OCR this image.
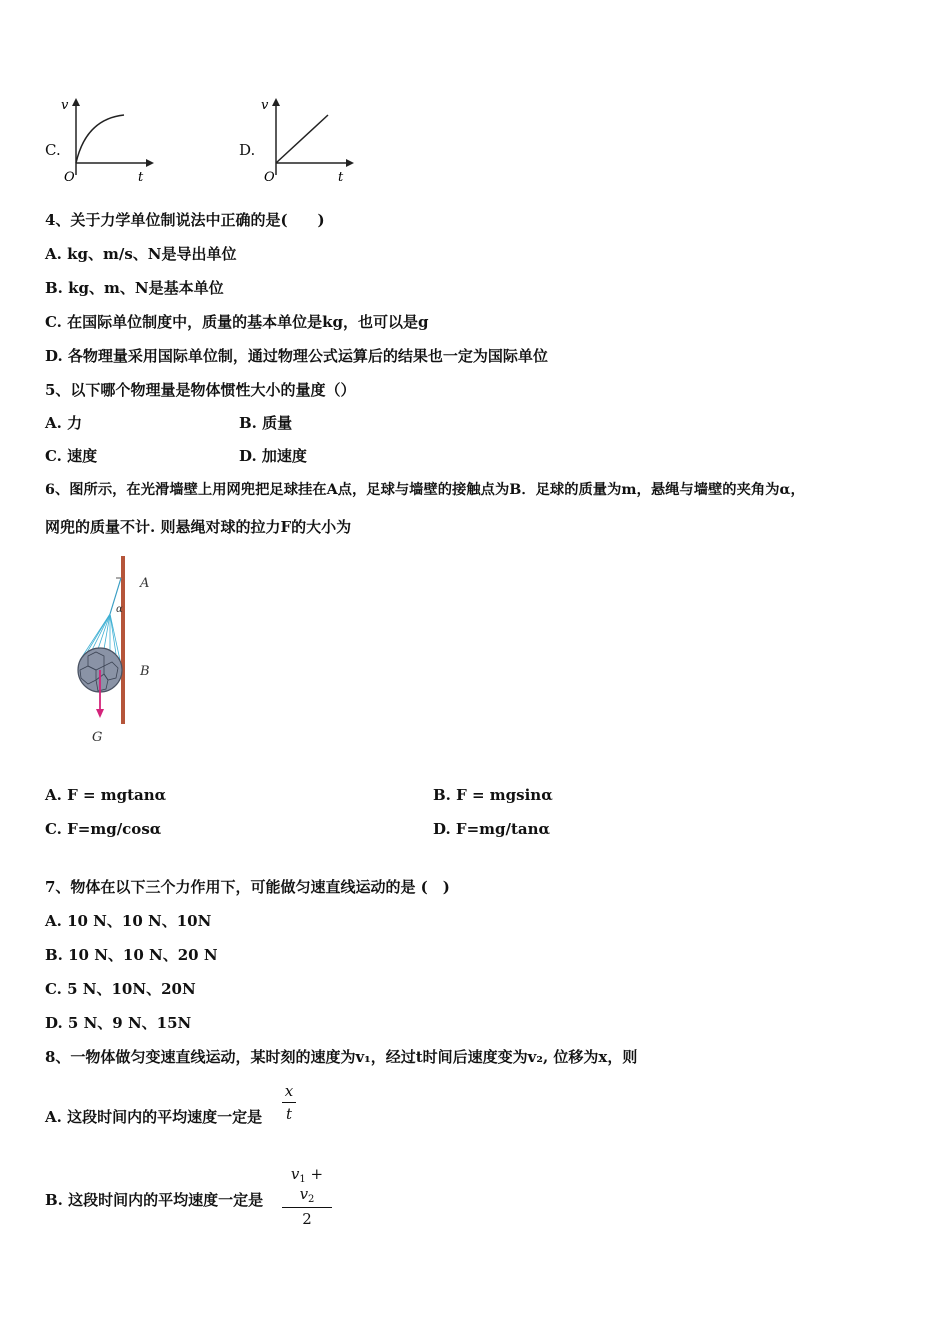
C.
v
O	t
D.
v
O	t
4、关于力学单位制说法中正确的是(　　)
A. kg、m/s、N是导出单位
B. kg、m、N是基本单位
C. 在国际单位制度中，质量的基本单位是kg，也可以是g
D. 各物理量采用国际单位制，通过物理公式运算后的结果也一定为国际单位
5、以下哪个物理量是物体惯性大小的量度（）
A. 力	B. 质量
C. 速度	D. 加速度
6、图所示，在光滑墙壁上用网兜把足球挂在A点，足球与墙壁的接触点为B．足球的质量为m，悬绳与墙壁的夹角为α，
网兜的质量不计. 则悬绳对球的拉力F的大小为
A
α
B
G
A. F = mgtanα	B. F = mgsinα
C. F=mg/cosα	D. F=mg/tanα
7、物体在以下三个力作用下，可能做匀速直线运动的是 (　)
A. 10 N、10 N、10N
B. 10 N、10 N、20 N
C. 5 N、10N、20N
D. 5 N、9 N、15N
8、一物体做匀变速直线运动，某时刻的速度为v₁，经过t时间后速度变为v₂, 位移为x，则
A. 这段时间内的平均速度一定是
x
t
B. 这段时间内的平均速度一定是
$v_1 + v_2$
2
